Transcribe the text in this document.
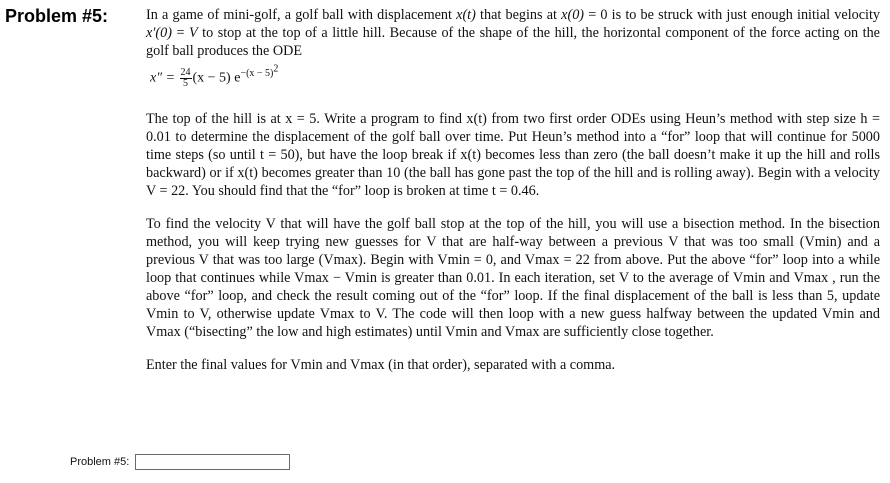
Problem #5:	In a game of mini-golf, a golf ball with displacement x(t) that begins at x(0) = 0 is to be struck with just enough initial velocity x′(0) = V to stop at the top of a little hill. Because of the shape of the hill, the horizontal component of the force acting on the golf ball produces the ODE

$x'' = \frac{24}{5} (x - 5)$ $e^{-(x - 5)^2}$

The top of the hill is at x = 5. Write a program to find x(t) from two first order ODEs using Heun’s method with step size h = 0.01 to determine the displacement of the golf ball over time. Put Heun’s method into a “for” loop that will continue for 5000 time steps (so until t = 50), but have the loop break if x(t) becomes less than zero (the ball doesn’t make it up the hill and rolls backward) or if x(t) becomes greater than 10 (the ball has gone past the top of the hill and is rolling away). Begin with a velocity V = 22. You should find that the “for” loop is broken at time t = 0.46.

To find the velocity V that will have the golf ball stop at the top of the hill, you will use a bisection method. In the bisection method, you will keep trying new guesses for V that are half-way between a previous V that was too small (Vmin) and a previous V that was too large (Vmax). Begin with Vmin = 0, and Vmax = 22 from above. Put the above “for” loop into a while loop that continues while Vmax − Vmin is greater than 0.01. In each iteration, set V to the average of Vmin and Vmax , run the above “for” loop, and check the result coming out of the “for” loop. If the final displacement of the ball is less than 5, update Vmin to V, otherwise update Vmax to V. The code will then loop with a new guess halfway between the updated Vmin and Vmax (“bisecting” the low and high estimates) until Vmin and Vmax are sufficiently close together.

Enter the final values for Vmin and Vmax (in that order), separated with a comma.

Problem #5:
